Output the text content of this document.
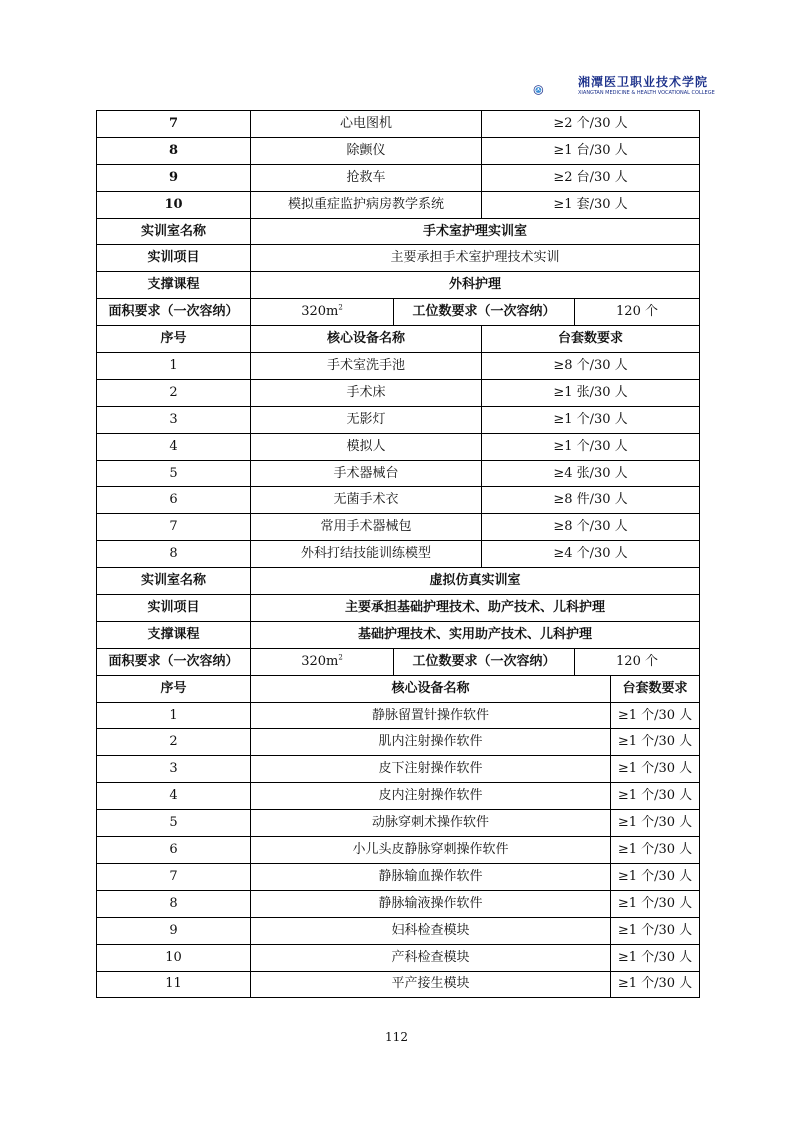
湘潭医卫职业技术学院
XIANGTAN MEDICINE & HEALTH VOCATIONAL COLLEGE
7	心电图机		≥2 个/30 人		
8	除颤仪		≥1 台/30 人		
9	抢救车		≥2 台/30 人		
10	模拟重症监护病房教学系统		≥1 套/30 人		
实训室名称	手术室护理实训室				
实训项目	主要承担手术室护理技术实训				
支撑课程	外科护理				
面积要求（一次容纳）	$320m^2$	工位数要求（一次容纳）		120 个	
序号	核心设备名称		台套数要求		
1	手术室洗手池		≥8 个/30 人		
2	手术床		≥1 张/30 人		
3	无影灯		≥1 个/30 人		
4	模拟人		≥1 个/30 人		
5	手术器械台		≥4 张/30 人		
6	无菌手术衣		≥8 件/30 人		
7	常用手术器械包		≥8 个/30 人		
8	外科打结技能训练模型		≥4 个/30 人		
实训室名称	虚拟仿真实训室				
实训项目	主要承担基础护理技术、助产技术、儿科护理				
支撑课程	基础护理技术、实用助产技术、儿科护理				
面积要求（一次容纳）	$320m^2$	工位数要求（一次容纳）		120 个	
序号	核心设备名称				台套数要求
1	静脉留置针操作软件				≥1 个/30 人
2	肌内注射操作软件				≥1 个/30 人
3	皮下注射操作软件				≥1 个/30 人
4	皮内注射操作软件				≥1 个/30 人
5	动脉穿刺术操作软件				≥1 个/30 人
6	小儿头皮静脉穿刺操作软件				≥1 个/30 人
7	静脉输血操作软件				≥1 个/30 人
8	静脉输液操作软件				≥1 个/30 人
9	妇科检查模块				≥1 个/30 人
10	产科检查模块				≥1 个/30 人
11	平产接生模块				≥1 个/30 人
112
